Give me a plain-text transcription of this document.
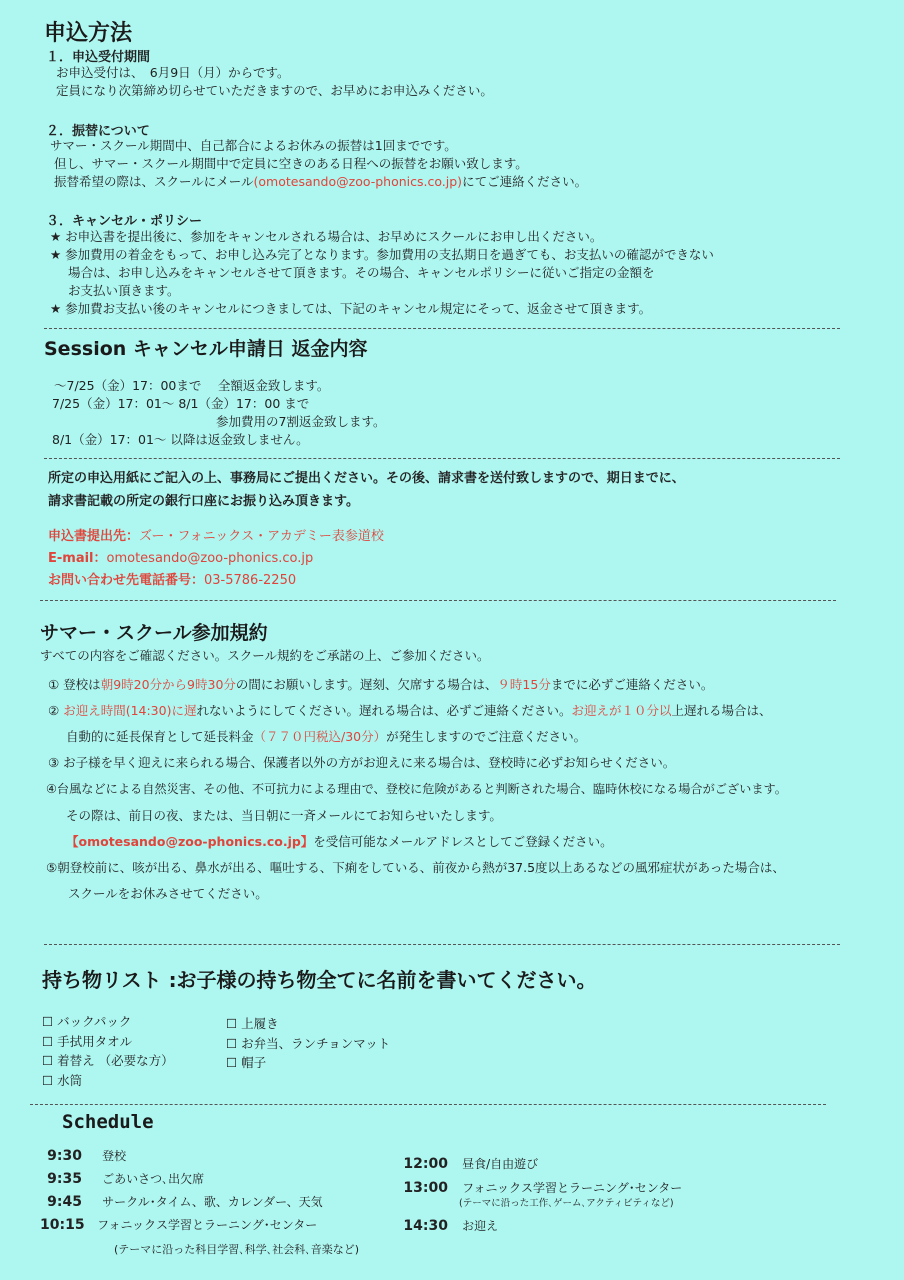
申込方法
１．申込受付期間
お申込受付は、　6月9日（月）からです。
定員になり次第締め切らせていただきますので、お早めにお申込みください。
２．振替について
サマー・スクール期間中、自己都合によるお休みの振替は1回までです。
但し、サマー・スクール期間中で定員に空きのある日程への振替をお願い致します。
振替希望の際は、スクールにメール(omotesando@zoo-phonics.co.jp)にてご連絡ください。
３．キャンセル・ポリシー
★ お申込書を提出後に、参加をキャンセルされる場合は、お早めにスクールにお申し出ください。
★ 参加費用の着金をもって、お申し込み完了となります。参加費用の支払期日を過ぎても、お支払いの確認ができない
場合は、お申し込みをキャンセルさせて頂きます。その場合、キャンセルポリシーに従いご指定の金額を
お支払い頂きます。
★ 参加費お支払い後のキャンセルにつきましては、下記のキャンセル規定にそって、返金させて頂きます。
Session キャンセル申請日 返金内容
～7/25（金）17：00まで　 全額返金致します。
7/25（金）17：01～ 8/1（金）17：00 まで
参加費用の7割返金致します。
8/1（金）17：01～ 以降は返金致しません。
所定の申込用紙にご記入の上、事務局にご提出ください。その後、請求書を送付致しますので、期日までに、
請求書記載の所定の銀行口座にお振り込み頂きます。
申込書提出先：ズー・フォニックス・アカデミー表参道校
E-mail：omotesando@zoo-phonics.co.jp
お問い合わせ先電話番号：03-5786-2250
サマー・スクール参加規約
すべての内容をご確認ください。スクール規約をご承諾の上、ご参加ください。
① 登校は朝9時20分から9時30分の間にお願いします。遅刻、欠席する場合は、９時15分までに必ずご連絡ください。
② お迎え時間(14:30)に遅れないようにしてください。遅れる場合は、必ずご連絡ください。お迎えが１０分以上遅れる場合は、
自動的に延長保育として延長料金（７７０円税込/30分）が発生しますのでご注意ください。
③ お子様を早く迎えに来られる場合、保護者以外の方がお迎えに来る場合は、登校時に必ずお知らせください。
④台風などによる自然災害、その他、不可抗力による理由で、登校に危険があると判断された場合、臨時休校になる場合がございます。
その際は、前日の夜、または、当日朝に一斉メールにてお知らせいたします。
【omotesando@zoo-phonics.co.jp】を受信可能なメールアドレスとしてご登録ください。
⑤朝登校前に、咳が出る、鼻水が出る、嘔吐する、下痢をしている、前夜から熱が37.5度以上あるなどの風邪症状があった場合は、
スクールをお休みさせてください。
持ち物リスト :お子様の持ち物全てに名前を書いてください。
☐ バックパック
☐ 手拭用タオル
☐ 着替え （必要な方）
☐ 水筒
☐ 上履き
☐ お弁当、ランチョンマット
☐ 帽子
Schedule
9:30 登校
9:35 ごあいさつ､出欠席
9:45 サークル･タイム、歌、カレンダー、天気
10:15 フォニックス学習とラーニング･センター
(テーマに沿った科目学習､科学､社会科､音楽など)
12:00 昼食/自由遊び
13:00 フォニックス学習とラーニング･センター
(テーマに沿った工作､ゲーム､アクティビティなど)
14:30 お迎え
